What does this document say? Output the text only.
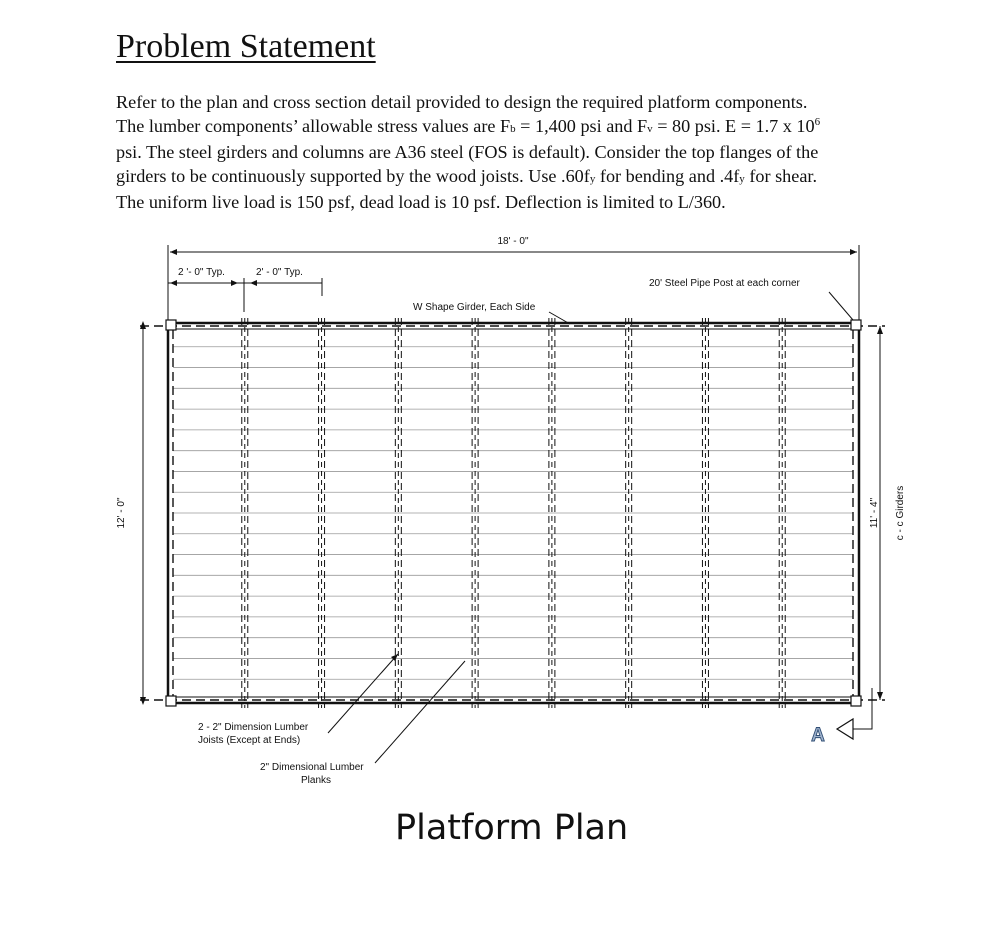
Problem Statement
Refer to the plan and cross section detail provided to design the required platform components.
The lumber components’ allowable stress values are Fb = 1,400 psi and Fv = 80 psi. E = 1.7 x $10^6$
psi. The steel girders and columns are A36 steel (FOS is default). Consider the top flanges of the
girders to be continuously supported by the wood joists. Use .60fy for bending and .4fy for shear.
The uniform live load is 150 psf, dead load is 10 psf. Deflection is limited to L/360.
18' - 0"
2 '- 0" Typ.	2' - 0" Typ.
12' - 0"	11' - 4" c - c Girders
20' Steel Pipe Post at each corner
W Shape Girder, Each Side
2 - 2" Dimension Lumber
Joists (Except at Ends)
2" Dimensional Lumber
Planks
A
Platform Plan
